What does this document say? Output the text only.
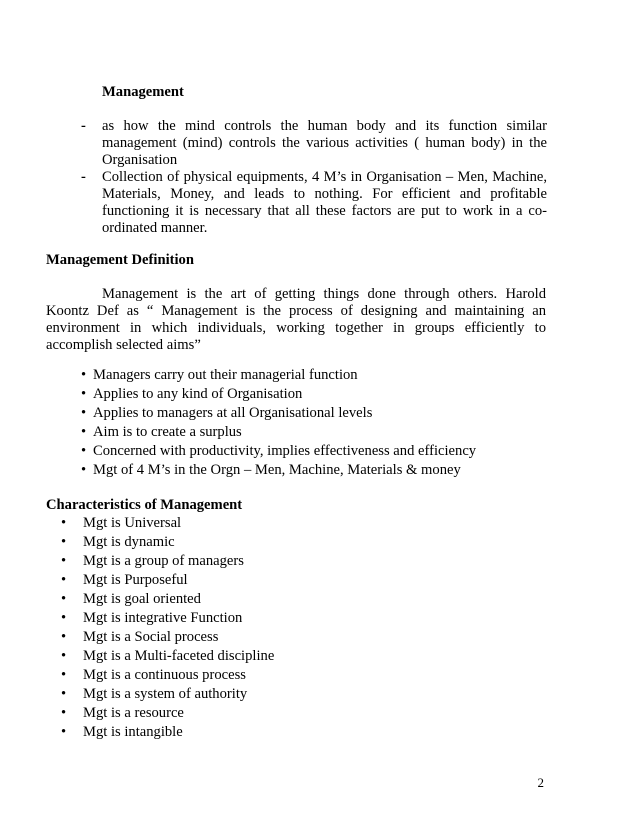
Management
- as how the mind controls the human body and its function similar management (mind) controls the various activities ( human body) in the Organisation
- Collection of physical equipments, 4 M’s in Organisation – Men, Machine, Materials, Money, and leads to nothing. For efficient and profitable functioning it is necessary that all these factors are put to work in a co-ordinated manner.
Management Definition
Management is the art of getting things done through others. Harold Koontz Def as “ Management is the process of designing and maintaining an environment in which individuals, working together in groups efficiently to accomplish selected aims”
• Managers carry out their managerial function
• Applies to any kind of Organisation
• Applies to managers at all Organisational levels
• Aim is to create a surplus
• Concerned with productivity, implies effectiveness and efficiency
• Mgt of 4 M’s in the Orgn – Men, Machine, Materials & money
Characteristics of Management
• Mgt is Universal
• Mgt is dynamic
• Mgt is a group of managers
• Mgt is Purposeful
• Mgt is goal oriented
• Mgt is integrative Function
• Mgt is a Social process
• Mgt is a Multi-faceted discipline
• Mgt is a continuous process
• Mgt is a system of authority
• Mgt is a resource
• Mgt is intangible
2
